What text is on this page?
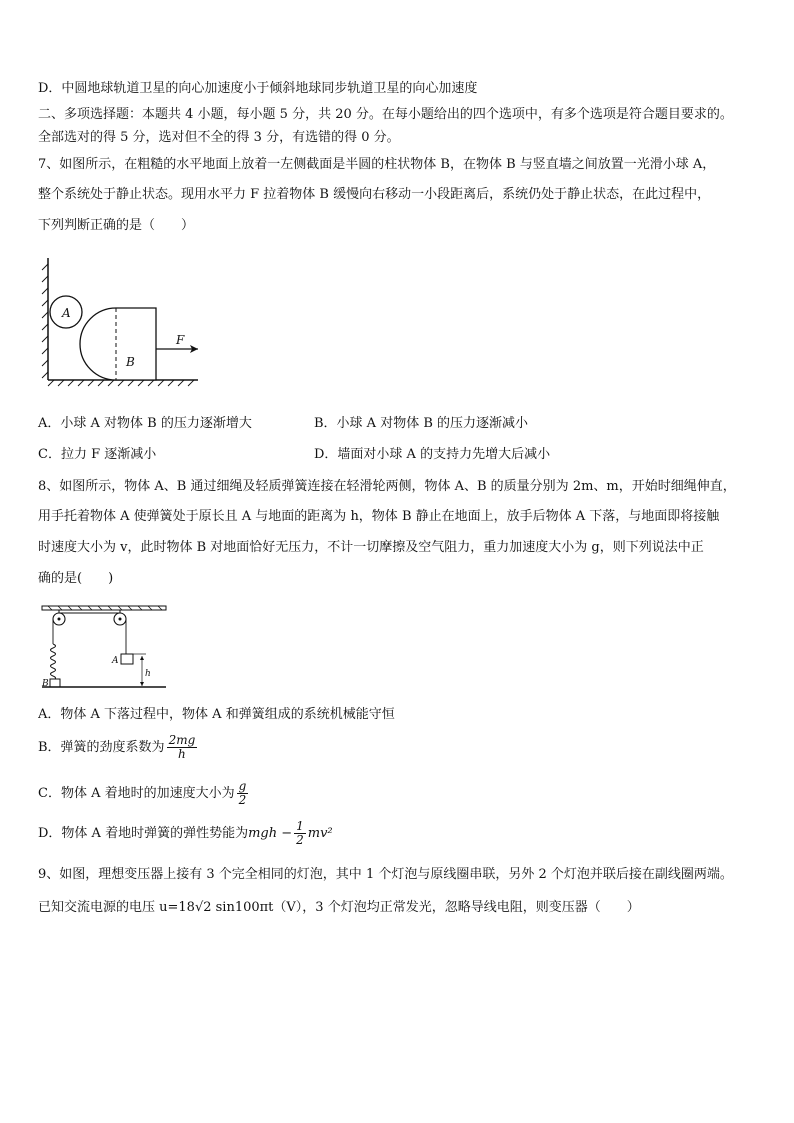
D．中圆地球轨道卫星的向心加速度小于倾斜地球同步轨道卫星的向心加速度
二、多项选择题：本题共 4 小题，每小题 5 分，共 20 分。在每小题给出的四个选项中，有多个选项是符合题目要求的。
全部选对的得 5 分，选对但不全的得 3 分，有选错的得 0 分。
7、如图所示，在粗糙的水平地面上放着一左侧截面是半圆的柱状物体 B，在物体 B 与竖直墙之间放置一光滑小球 A，
整个系统处于静止状态。现用水平力 F 拉着物体 B 缓慢向右移动一小段距离后，系统仍处于静止状态，在此过程中，
下列判断正确的是（　　）
A
B
F
A．小球 A 对物体 B 的压力逐渐增大	B．小球 A 对物体 B 的压力逐渐减小
C．拉力 F 逐渐减小	D．墙面对小球 A 的支持力先增大后减小
8、如图所示，物体 A、B 通过细绳及轻质弹簧连接在轻滑轮两侧，物体 A、B 的质量分别为 2m、m，开始时细绳伸直，
用手托着物体 A 使弹簧处于原长且 A 与地面的距离为 h，物体 B 静止在地面上，放手后物体 A 下落，与地面即将接触
时速度大小为 v，此时物体 B 对地面恰好无压力，不计一切摩擦及空气阻力，重力加速度大小为 g，则下列说法中正
确的是(　　)
B
A
h
A．物体 A 下落过程中，物体 A 和弹簧组成的系统机械能守恒
B．弹簧的劲度系数为 $\frac{2mg}{h}$
C．物体 A 着地时的加速度大小为 $\frac{g}{2}$
D．物体 A 着地时弹簧的弹性势能为mgh − $\frac{1}{2} mv^2$
9、如图，理想变压器上接有 3 个完全相同的灯泡，其中 1 个灯泡与原线圈串联，另外 2 个灯泡并联后接在副线圈两端。
已知交流电源的电压 u=18√2 sin100πt（V），3 个灯泡均正常发光，忽略导线电阻，则变压器（　　）
